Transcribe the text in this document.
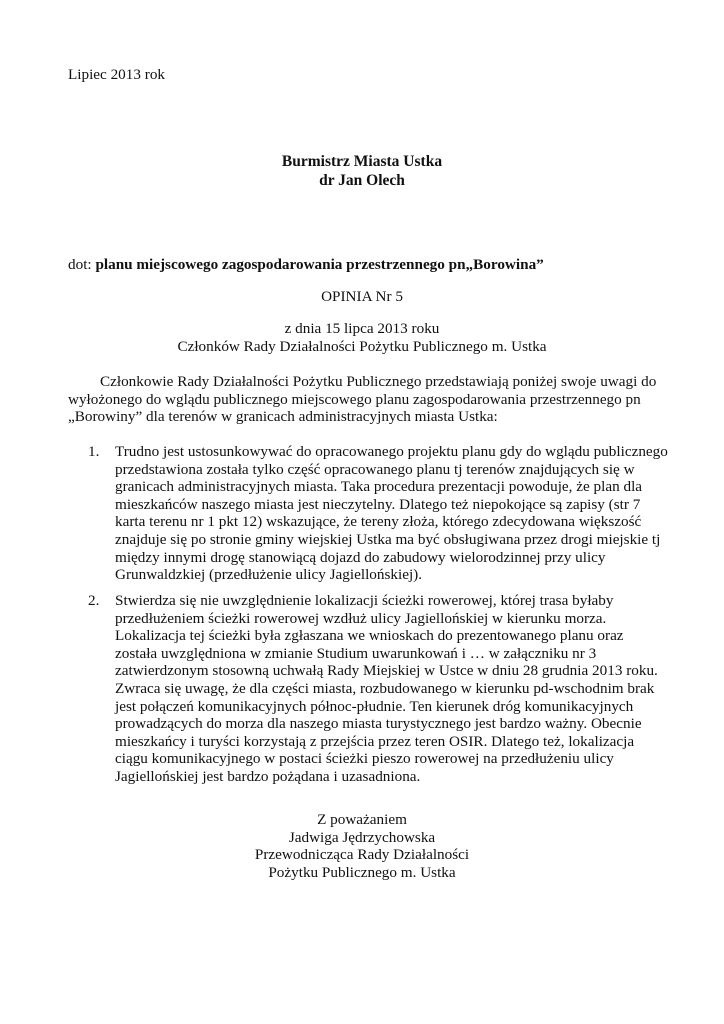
Lipiec 2013 rok

Burmistrz Miasta Ustka
dr Jan Olech

dot: planu miejscowego zagospodarowania przestrzennego pn„Borowina”

OPINIA Nr 5

z dnia 15 lipca 2013 roku
Członków Rady Działalności Pożytku Publicznego m. Ustka

Członkowie Rady Działalności Pożytku Publicznego przedstawiają poniżej swoje uwagi do wyłożonego do wglądu publicznego miejscowego planu zagospodarowania przestrzennego pn „Borowiny” dla terenów w granicach administracyjnych miasta Ustka:

1.	Trudno jest ustosunkowywać do opracowanego projektu planu gdy do wglądu publicznego przedstawiona została tylko część opracowanego planu tj terenów znajdujących się w granicach administracyjnych miasta. Taka procedura prezentacji powoduje, że plan dla mieszkańców naszego miasta jest nieczytelny. Dlatego też niepokojące są zapisy (str 7 karta terenu nr 1 pkt 12) wskazujące, że tereny złoża, którego zdecydowana większość znajduje się po stronie gminy wiejskiej Ustka ma być obsługiwana przez drogi miejskie tj między innymi drogę stanowiącą dojazd do zabudowy wielorodzinnej przy ulicy Grunwaldzkiej (przedłużenie ulicy Jagiellońskiej).
2.	Stwierdza się nie uwzględnienie lokalizacji ścieżki rowerowej, której trasa byłaby przedłużeniem ścieżki rowerowej wzdłuż ulicy Jagiellońskiej w kierunku morza. Lokalizacja tej ścieżki była zgłaszana we wnioskach do prezentowanego planu oraz została uwzględniona w zmianie Studium uwarunkowań i … w załączniku nr 3 zatwierdzonym stosowną uchwałą Rady Miejskiej w Ustce w dniu 28 grudnia 2013 roku. Zwraca się uwagę, że dla części miasta, rozbudowanego w kierunku pd-wschodnim brak jest połączeń komunikacyjnych północ-płudnie. Ten kierunek dróg komunikacyjnych prowadzących do morza dla naszego miasta turystycznego jest bardzo ważny. Obecnie mieszkańcy i turyści korzystają z przejścia przez teren OSIR. Dlatego też, lokalizacja ciągu komunikacyjnego w postaci ścieżki pieszo rowerowej na przedłużeniu ulicy Jagiellońskiej jest bardzo pożądana i uzasadniona.
Z poważaniem
Jadwiga Jędrzychowska
Przewodnicząca Rady Działalności
Pożytku Publicznego m. Ustka
